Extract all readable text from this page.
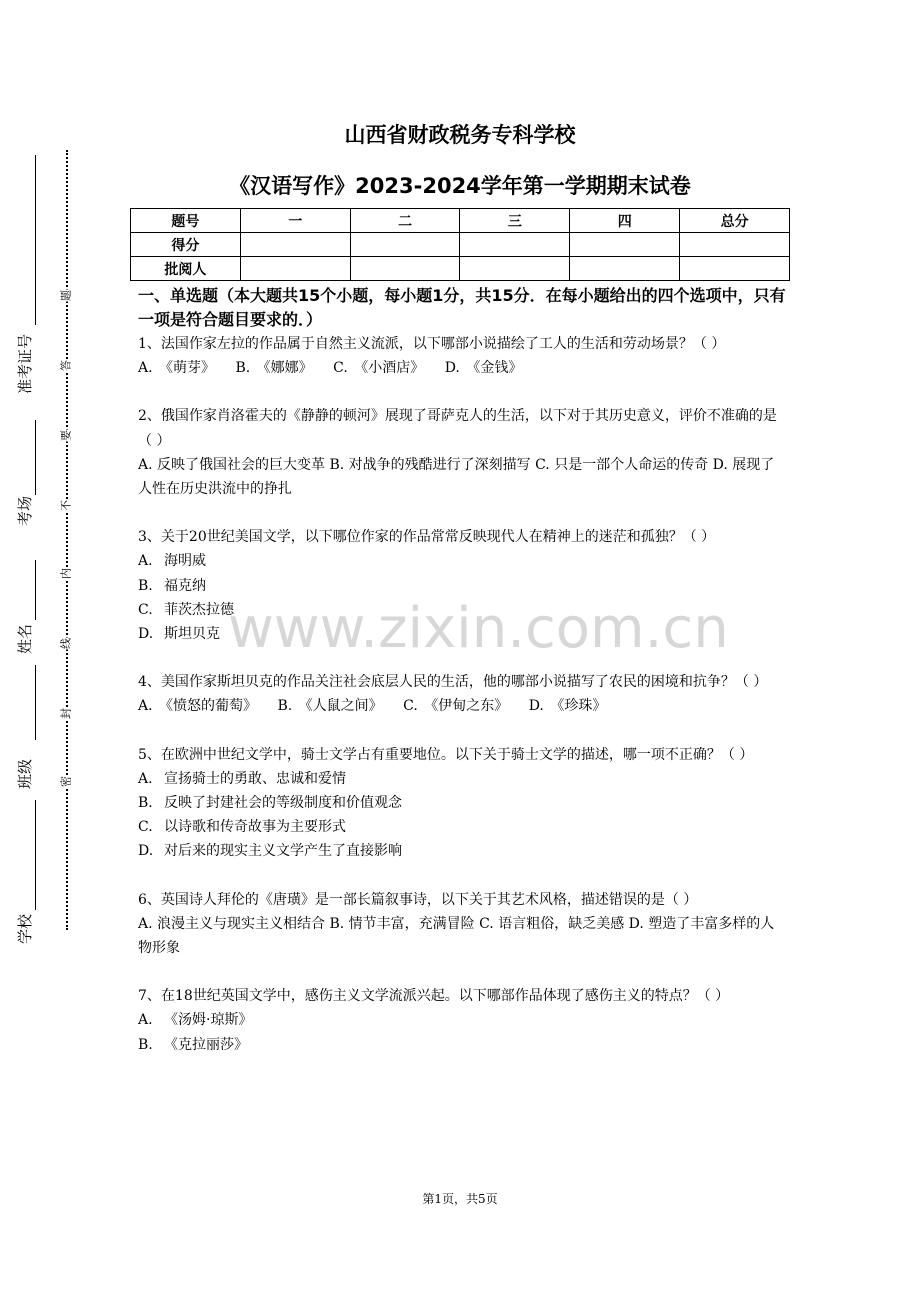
准考证号
考场
姓名
班级
学校
题
答
要
不
内
线
封
密
山西省财政税务专科学校
《汉语写作》2023-2024学年第一学期期末试卷
题号	一	二	三	四	总分
得分					
批阅人					

一、单选题（本大题共15个小题，每小题1分，共15分．在每小题给出的四个选项中，只有一项是符合题目要求的．）

1、法国作家左拉的作品属于自然主义流派，以下哪部小说描绘了工人的生活和劳动场景？（ ）

A. 《萌芽》 B. 《娜娜》 C. 《小酒店》 D. 《金钱》

2、俄国作家肖洛霍夫的《静静的顿河》展现了哥萨克人的生活，以下对于其历史意义，评价不准确的是（ ）

A. 反映了俄国社会的巨大变革 B. 对战争的残酷进行了深刻描写 C. 只是一部个人命运的传奇 D. 展现了人性在历史洪流中的挣扎

3、关于20世纪美国文学，以下哪位作家的作品常常反映现代人在精神上的迷茫和孤独？（ ）

A. 海明威

B. 福克纳

C. 菲茨杰拉德

D. 斯坦贝克

4、美国作家斯坦贝克的作品关注社会底层人民的生活，他的哪部小说描写了农民的困境和抗争？（ ）

A. 《愤怒的葡萄》 B. 《人鼠之间》 C. 《伊甸之东》 D. 《珍珠》

5、在欧洲中世纪文学中，骑士文学占有重要地位。以下关于骑士文学的描述，哪一项不正确？（ ）

A. 宣扬骑士的勇敢、忠诚和爱情

B. 反映了封建社会的等级制度和价值观念

C. 以诗歌和传奇故事为主要形式

D. 对后来的现实主义文学产生了直接影响

6、英国诗人拜伦的《唐璜》是一部长篇叙事诗，以下关于其艺术风格，描述错误的是（ ）

A. 浪漫主义与现实主义相结合 B. 情节丰富，充满冒险 C. 语言粗俗，缺乏美感 D. 塑造了丰富多样的人物形象

7、在18世纪英国文学中，感伤主义文学流派兴起。以下哪部作品体现了感伤主义的特点？（ ）

A. 《汤姆·琼斯》

B. 《克拉丽莎》

www.zixin.com.cn
第1页，共5页
